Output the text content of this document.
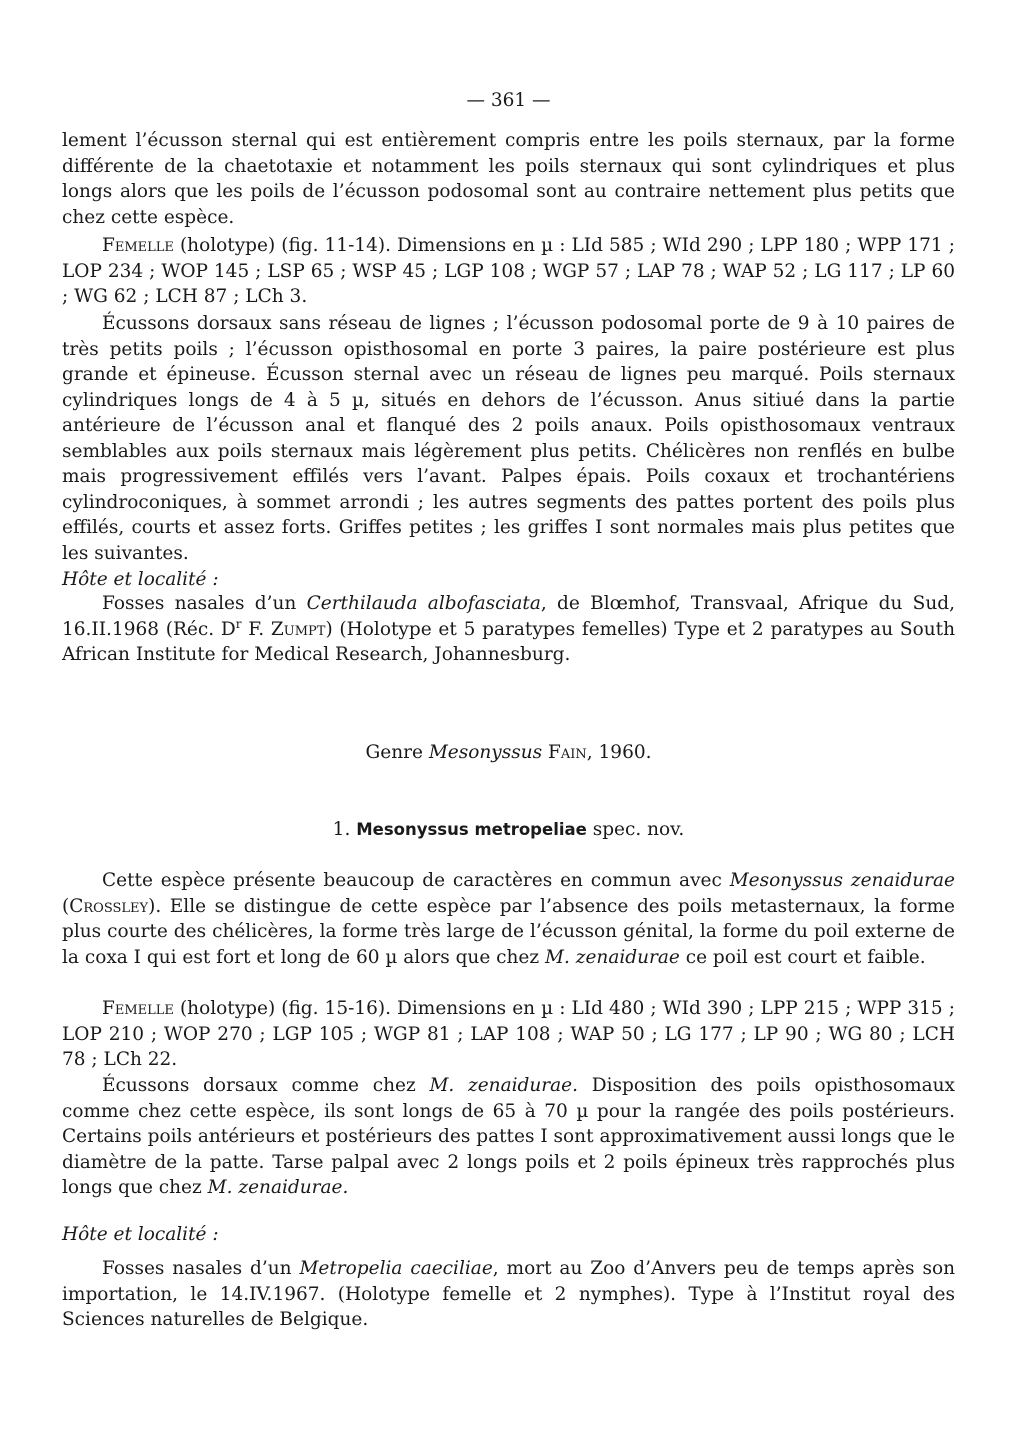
— 361 —

lement l’écusson sternal qui est entièrement compris entre les poils sternaux, par la forme différente de la chaetotaxie et notamment les poils sternaux qui sont cylindriques et plus longs alors que les poils de l’écusson podosomal sont au contraire nettement plus petits que chez cette espèce.

Femelle (holotype) (fig. 11-14). Dimensions en µ : LId 585 ; WId 290 ; LPP 180 ; WPP 171 ; LOP 234 ; WOP 145 ; LSP 65 ; WSP 45 ; LGP 108 ; WGP 57 ; LAP 78 ; WAP 52 ; LG 117 ; LP 60 ; WG 62 ; LCH 87 ; LCh 3.

Écussons dorsaux sans réseau de lignes ; l’écusson podosomal porte de 9 à 10 paires de très petits poils ; l’écusson opisthosomal en porte 3 paires, la paire postérieure est plus grande et épineuse. Écusson sternal avec un réseau de lignes peu marqué. Poils sternaux cylindriques longs de 4 à 5 µ, situés en dehors de l’écusson. Anus sitiué dans la partie antérieure de l’écusson anal et flanqué des 2 poils anaux. Poils opisthosomaux ventraux semblables aux poils sternaux mais légèrement plus petits. Chélicères non renflés en bulbe mais progressivement effilés vers l’avant. Palpes épais. Poils coxaux et trochantériens cylindroconiques, à sommet arrondi ; les autres segments des pattes portent des poils plus effilés, courts et assez forts. Griffes petites ; les griffes I sont normales mais plus petites que les suivantes.

Hôte et localité :

Fosses nasales d’un Certhilauda albofasciata, de Blœmhof, Transvaal, Afrique du Sud, 16.II.1968 (Réc. $D^r$ F. Zumpt) (Holotype et 5 paratypes femelles) Type et 2 paratypes au South African Institute for Medical Research, Johannesburg.

Genre Mesonyssus Fain, 1960.

1. Mesonyssus metropeliae spec. nov.

Cette espèce présente beaucoup de caractères en commun avec Mesonyssus zenaidurae (Crossley). Elle se distingue de cette espèce par l’absence des poils metasternaux, la forme plus courte des chélicères, la forme très large de l’écusson génital, la forme du poil externe de la coxa I qui est fort et long de 60 µ alors que chez M. zenaidurae ce poil est court et faible.

Femelle (holotype) (fig. 15-16). Dimensions en µ : LId 480 ; WId 390 ; LPP 215 ; WPP 315 ; LOP 210 ; WOP 270 ; LGP 105 ; WGP 81 ; LAP 108 ; WAP 50 ; LG 177 ; LP 90 ; WG 80 ; LCH 78 ; LCh 22.

Écussons dorsaux comme chez M. zenaidurae. Disposition des poils opisthosomaux comme chez cette espèce, ils sont longs de 65 à 70 µ pour la rangée des poils postérieurs. Certains poils antérieurs et postérieurs des pattes I sont approximativement aussi longs que le diamètre de la patte. Tarse palpal avec 2 longs poils et 2 poils épineux très rapprochés plus longs que chez M. zenaidurae.

Hôte et localité :

Fosses nasales d’un Metropelia caeciliae, mort au Zoo d’Anvers peu de temps après son importation, le 14.IV.1967. (Holotype femelle et 2 nymphes). Type à l’Institut royal des Sciences naturelles de Belgique.
